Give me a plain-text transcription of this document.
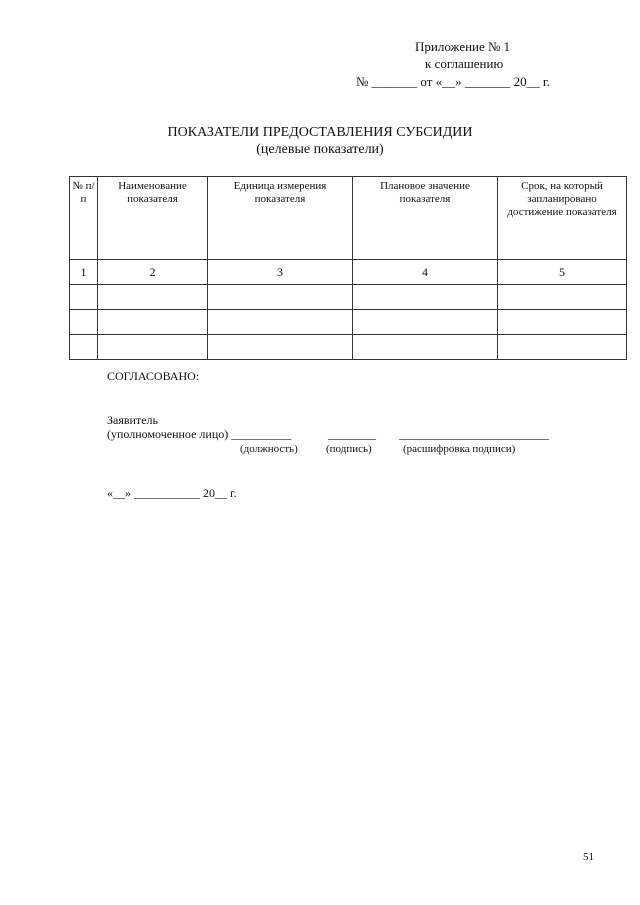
Приложение № 1
к соглашению
№ _______ от «__» _______ 20__ г.
ПОКАЗАТЕЛИ ПРЕДОСТАВЛЕНИЯ СУБСИДИИ
(целевые показатели)
№ п/п	Наименование показателя	Единица измерения показателя	Плановое значение показателя	Срок, на который запланировано достижение показателя
1	2	3	4	5

СОГЛАСОВАНО:
Заявитель
(уполномоченное лицо) __________	________ _________________________
(должность)	(подпись)	(расшифровка подписи)
«__» ___________ 20__ г.
51
